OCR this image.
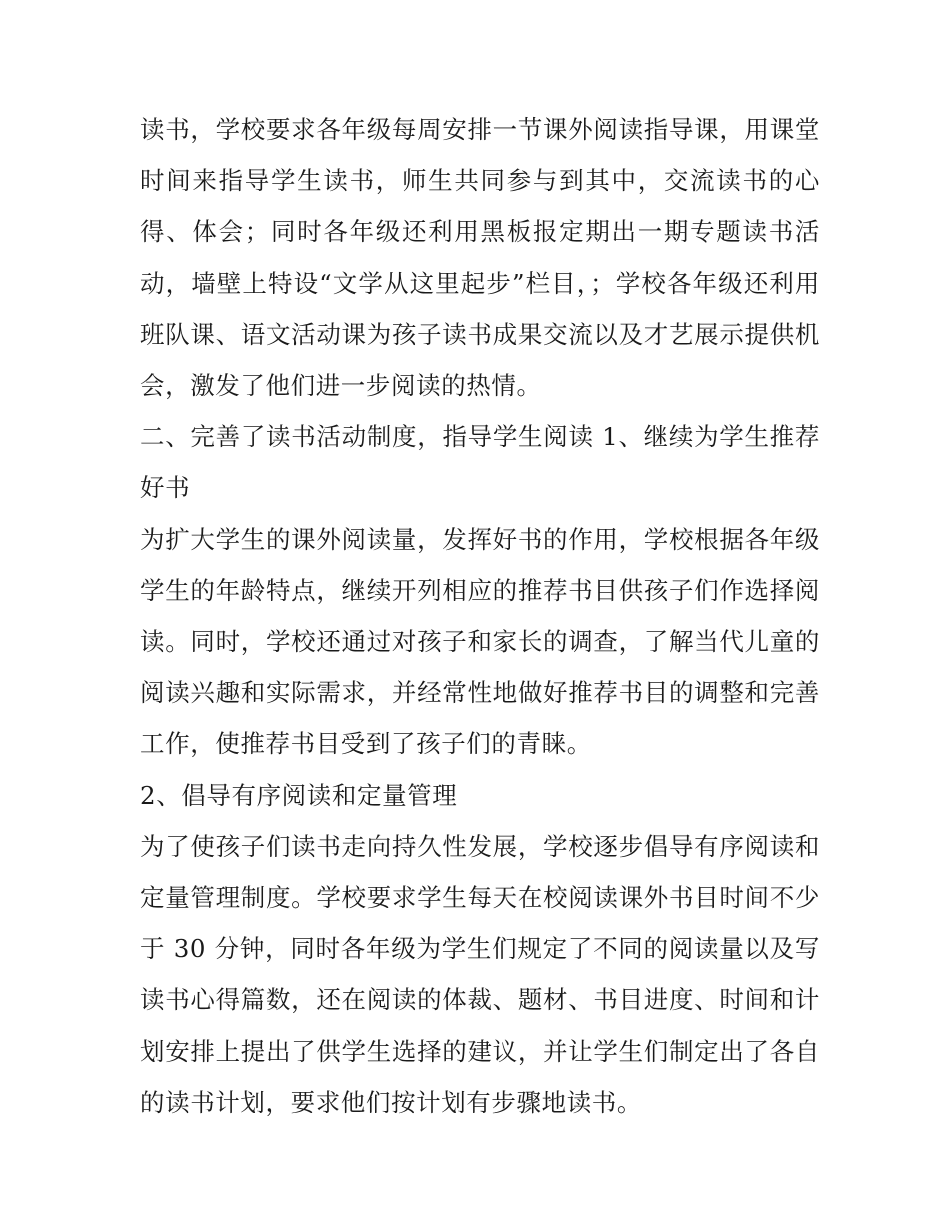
读书，学校要求各年级每周安排一节课外阅读指导课，用课堂时间来指导学生读书，师生共同参与到其中，交流读书的心得、体会；同时各年级还利用黑板报定期出一期专题读书活动，墙壁上特设“文学从这里起步”栏目，；学校各年级还利用班队课、语文活动课为孩子读书成果交流以及才艺展示提供机会，激发了他们进一步阅读的热情。

二、完善了读书活动制度，指导学生阅读 1、继续为学生推荐好书

为扩大学生的课外阅读量，发挥好书的作用，学校根据各年级学生的年龄特点，继续开列相应的推荐书目供孩子们作选择阅读。同时，学校还通过对孩子和家长的调查，了解当代儿童的阅读兴趣和实际需求，并经常性地做好推荐书目的调整和完善工作，使推荐书目受到了孩子们的青睐。

2、倡导有序阅读和定量管理

为了使孩子们读书走向持久性发展，学校逐步倡导有序阅读和定量管理制度。学校要求学生每天在校阅读课外书目时间不少于 30 分钟，同时各年级为学生们规定了不同的阅读量以及写读书心得篇数，还在阅读的体裁、题材、书目进度、时间和计划安排上提出了供学生选择的建议，并让学生们制定出了各自的读书计划，要求他们按计划有步骤地读书。
